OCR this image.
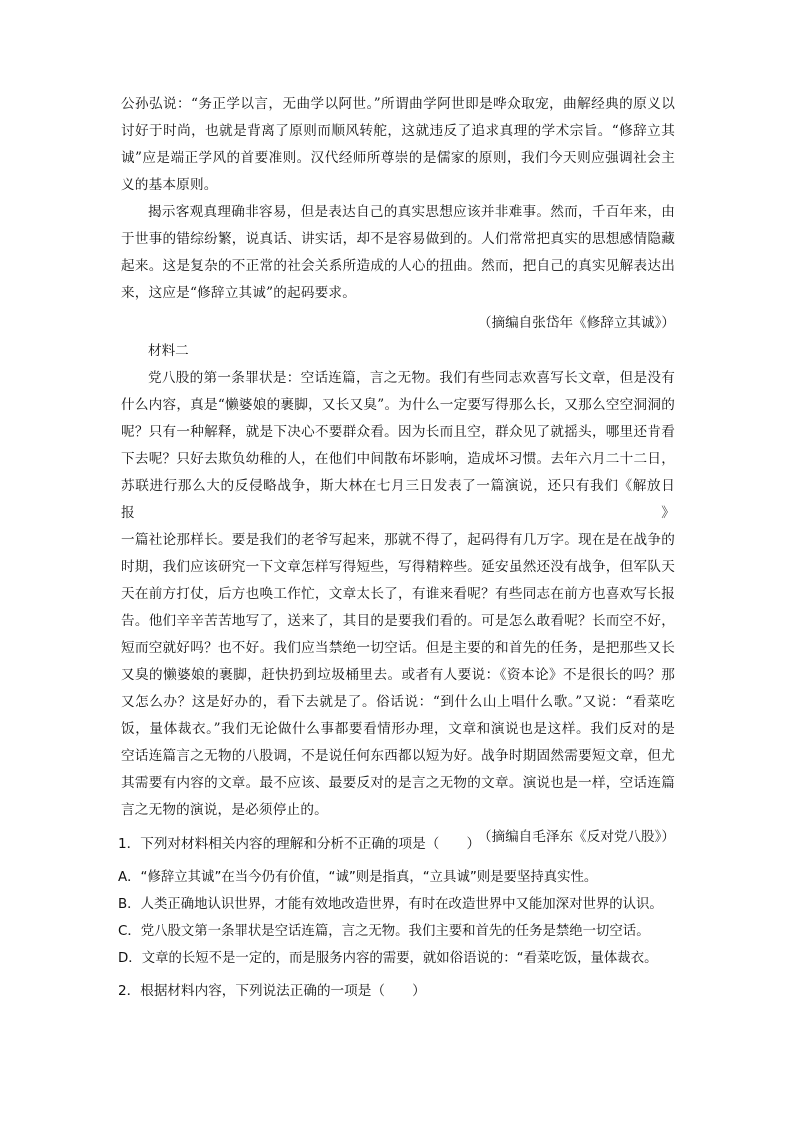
公孙弘说：“务正学以言，无曲学以阿世。”所谓曲学阿世即是哗众取宠，曲解经典的原义以

讨好于时尚，也就是背离了原则而顺风转舵，这就违反了追求真理的学术宗旨。“修辞立其

诚”应是端正学风的首要准则。汉代经师所尊崇的是儒家的原则，我们今天则应强调社会主

义的基本原则。

揭示客观真理确非容易，但是表达自己的真实思想应该并非难事。然而，千百年来，由

于世事的错综纷繁，说真话、讲实话，却不是容易做到的。人们常常把真实的思想感情隐藏

起来。这是复杂的不正常的社会关系所造成的人心的扭曲。然而，把自己的真实见解表达出

来，这应是“修辞立其诚”的起码要求。

（摘编自张岱年《修辞立其诚》）

材料二

党八股的第一条罪状是：空话连篇，言之无物。我们有些同志欢喜写长文章，但是没有

什么内容，真是“懒婆娘的裹脚，又长又臭”。为什么一定要写得那么长，又那么空空洞洞的

呢？只有一种解释，就是下决心不要群众看。因为长而且空，群众见了就摇头，哪里还肯看

下去呢？只好去欺负幼稚的人，在他们中间散布坏影响，造成坏习惯。去年六月二十二日，

苏联进行那么大的反侵略战争，斯大林在七月三日发表了一篇演说，还只有我们《解放日报》

一篇社论那样长。要是我们的老爷写起来，那就不得了，起码得有几万字。现在是在战争的

时期，我们应该研究一下文章怎样写得短些，写得精粹些。延安虽然还没有战争，但军队天

天在前方打仗，后方也唤工作忙，文章太长了，有谁来看呢？有些同志在前方也喜欢写长报

告。他们辛辛苦苦地写了，送来了，其目的是要我们看的。可是怎么敢看呢？长而空不好，

短而空就好吗？也不好。我们应当禁绝一切空话。但是主要的和首先的任务，是把那些又长

又臭的懒婆娘的裹脚，赶快扔到垃圾桶里去。或者有人要说：《资本论》不是很长的吗？那

又怎么办？这是好办的，看下去就是了。俗话说：“到什么山上唱什么歌。”又说：“看菜吃

饭，量体裁衣。”我们无论做什么事都要看情形办理，文章和演说也是这样。我们反对的是

空话连篇言之无物的八股调，不是说任何东西都以短为好。战争时期固然需要短文章，但尤

其需要有内容的文章。最不应该、最要反对的是言之无物的文章。演说也是一样，空话连篇

言之无物的演说，是必须停止的。

（摘编自毛泽东《反对党八股》）

1．下列对材料相关内容的理解和分析不正确的项是（　　）

A．“修辞立其诚”在当今仍有价值，“诚”则是指真，“立具诚”则是要坚持真实性。

B．人类正确地认识世界，才能有效地改造世界，有时在改造世界中又能加深对世界的认识。

C．党八股文第一条罪状是空话连篇，言之无物。我们主要和首先的任务是禁绝一切空话。

D．文章的长短不是一定的，而是服务内容的需要，就如俗语说的：“看菜吃饭，量体裁衣。

2．根据材料内容，下列说法正确的一项是（　　）
